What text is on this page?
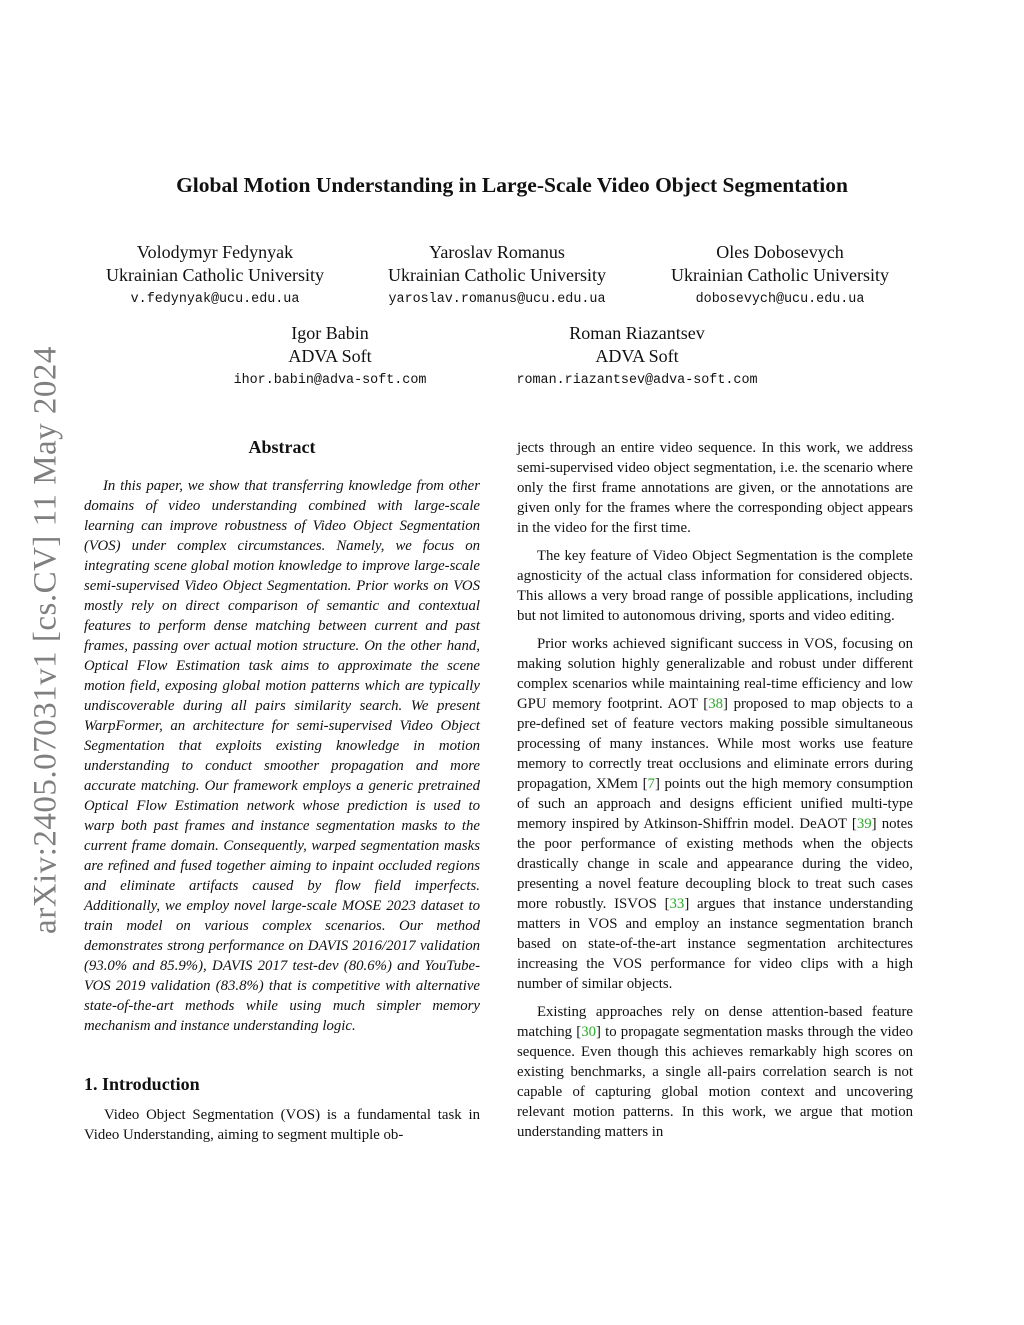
arXiv:2405.07031v1 [cs.CV] 11 May 2024
Global Motion Understanding in Large-Scale Video Object Segmentation
Volodymyr Fedynyak
Ukrainian Catholic University
v.fedynyak@ucu.edu.ua
Yaroslav Romanus
Ukrainian Catholic University
yaroslav.romanus@ucu.edu.ua
Oles Dobosevych
Ukrainian Catholic University
dobosevych@ucu.edu.ua
Igor Babin
ADVA Soft
ihor.babin@adva-soft.com
Roman Riazantsev
ADVA Soft
roman.riazantsev@adva-soft.com
Abstract

In this paper, we show that transferring knowledge from other domains of video understanding combined with large-scale learning can improve robustness of Video Object Segmentation (VOS) under complex circumstances. Namely, we focus on integrating scene global motion knowledge to improve large-scale semi-supervised Video Object Segmentation. Prior works on VOS mostly rely on direct comparison of semantic and contextual features to perform dense matching between current and past frames, passing over actual motion structure. On the other hand, Optical Flow Estimation task aims to approximate the scene motion field, exposing global motion patterns which are typically undiscoverable during all pairs similarity search. We present WarpFormer, an architecture for semi-supervised Video Object Segmentation that exploits existing knowledge in motion understanding to conduct smoother propagation and more accurate matching. Our framework employs a generic pretrained Optical Flow Estimation network whose prediction is used to warp both past frames and instance segmentation masks to the current frame domain. Consequently, warped segmentation masks are refined and fused together aiming to inpaint occluded regions and eliminate artifacts caused by flow field imperfects. Additionally, we employ novel large-scale MOSE 2023 dataset to train model on various complex scenarios. Our method demonstrates strong performance on DAVIS 2016/2017 validation (93.0% and 85.9%), DAVIS 2017 test-dev (80.6%) and YouTube-VOS 2019 validation (83.8%) that is competitive with alternative state-of-the-art methods while using much simpler memory mechanism and instance understanding logic.

1. Introduction

Video Object Segmentation (VOS) is a fundamental task in Video Understanding, aiming to segment multiple ob-

jects through an entire video sequence. In this work, we address semi-supervised video object segmentation, i.e. the scenario where only the first frame annotations are given, or the annotations are given only for the frames where the corresponding object appears in the video for the first time.

The key feature of Video Object Segmentation is the complete agnosticity of the actual class information for considered objects. This allows a very broad range of possible applications, including but not limited to autonomous driving, sports and video editing.

Prior works achieved significant success in VOS, focusing on making solution highly generalizable and robust under different complex scenarios while maintaining real-time efficiency and low GPU memory footprint. AOT [38] proposed to map objects to a pre-defined set of feature vectors making possible simultaneous processing of many instances. While most works use feature memory to correctly treat occlusions and eliminate errors during propagation, XMem [7] points out the high memory consumption of such an approach and designs efficient unified multi-type memory inspired by Atkinson-Shiffrin model. DeAOT [39] notes the poor performance of existing methods when the objects drastically change in scale and appearance during the video, presenting a novel feature decoupling block to treat such cases more robustly. ISVOS [33] argues that instance understanding matters in VOS and employ an instance segmentation branch based on state-of-the-art instance segmentation architectures increasing the VOS performance for video clips with a high number of similar objects.

Existing approaches rely on dense attention-based feature matching [30] to propagate segmentation masks through the video sequence. Even though this achieves remarkably high scores on existing benchmarks, a single all-pairs correlation search is not capable of capturing global motion context and uncovering relevant motion patterns. In this work, we argue that motion understanding matters in
